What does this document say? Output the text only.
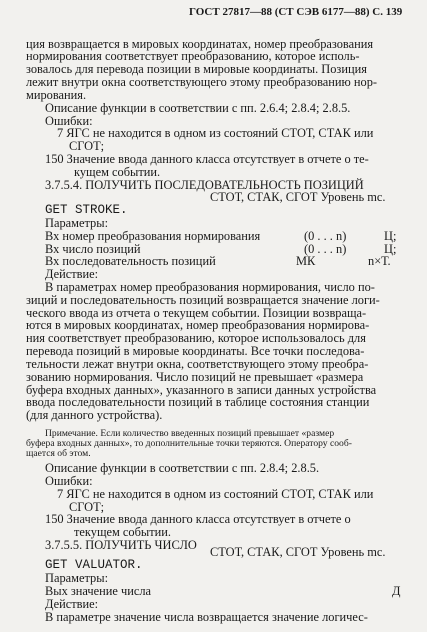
ГОСТ 27817—88 (СТ СЭВ 6177—88) С. 139
ция возвращается в мировых координатах, номер преобразования
нормирования соответствует преобразованию, которое исполь-
зовалось для перевода позиции в мировые координаты. Позиция
лежит внутри окна соответствующего этому преобразованию нор-
мирования.
Описание функции в соответствии с пп. 2.6.4; 2.8.4; 2.8.5.
Ошибки:
7 ЯГС не находится в одном из состояний СТОТ, СТАК или
СГОТ;
150 Значение ввода данного класса отсутствует в отчете о те-
кущем событии.
3.7.5.4. ПОЛУЧИТЬ ПОСЛЕДОВАТЕЛЬНОСТЬ ПОЗИЦИЙ
СТОТ, СТАК, СГОТ Уровень mc.
GET STROKE.
Параметры:
Вх номер преобразования нормирования	(0 . . . n)	Ц;
Вх число позиций	(0 . . . n)	Ц;
Вх последовательность позиций	МК	n×Т.
Действие:
В параметрах номер преобразования нормирования, число по-
зиций и последовательность позиций возвращается значение логи-
ческого ввода из отчета о текущем событии. Позиции возвраща-
ются в мировых координатах, номер преобразования нормирова-
ния соответствует преобразованию, которое использовалось для
перевода позиций в мировые координаты. Все точки последова-
тельности лежат внутри окна, соответствующего этому преобра-
зованию нормирования. Число позиций не превышает «размера
буфера входных данных», указанного в записи данных устройства
ввода последовательности позиций в таблице состояния станции
(для данного устройства).
Примечание. Если количество введенных позиций превышает «размер
буфера входных данных», то дополнительные точки теряются. Оператору сооб-
щается об этом.
Описание функции в соответствии с пп. 2.8.4; 2.8.5.
Ошибки:
7 ЯГС не находится в одном из состояний СТОТ, СТАК или
СГОТ;
150 Значение ввода данного класса отсутствует в отчете о
текущем событии.
3.7.5.5. ПОЛУЧИТЬ ЧИСЛО
СТОТ, СТАК, СГОТ Уровень mc.
GET VALUATOR.
Параметры:
Вых значение числа	Д
Действие:
В параметре значение числа возвращается значение логичес-
